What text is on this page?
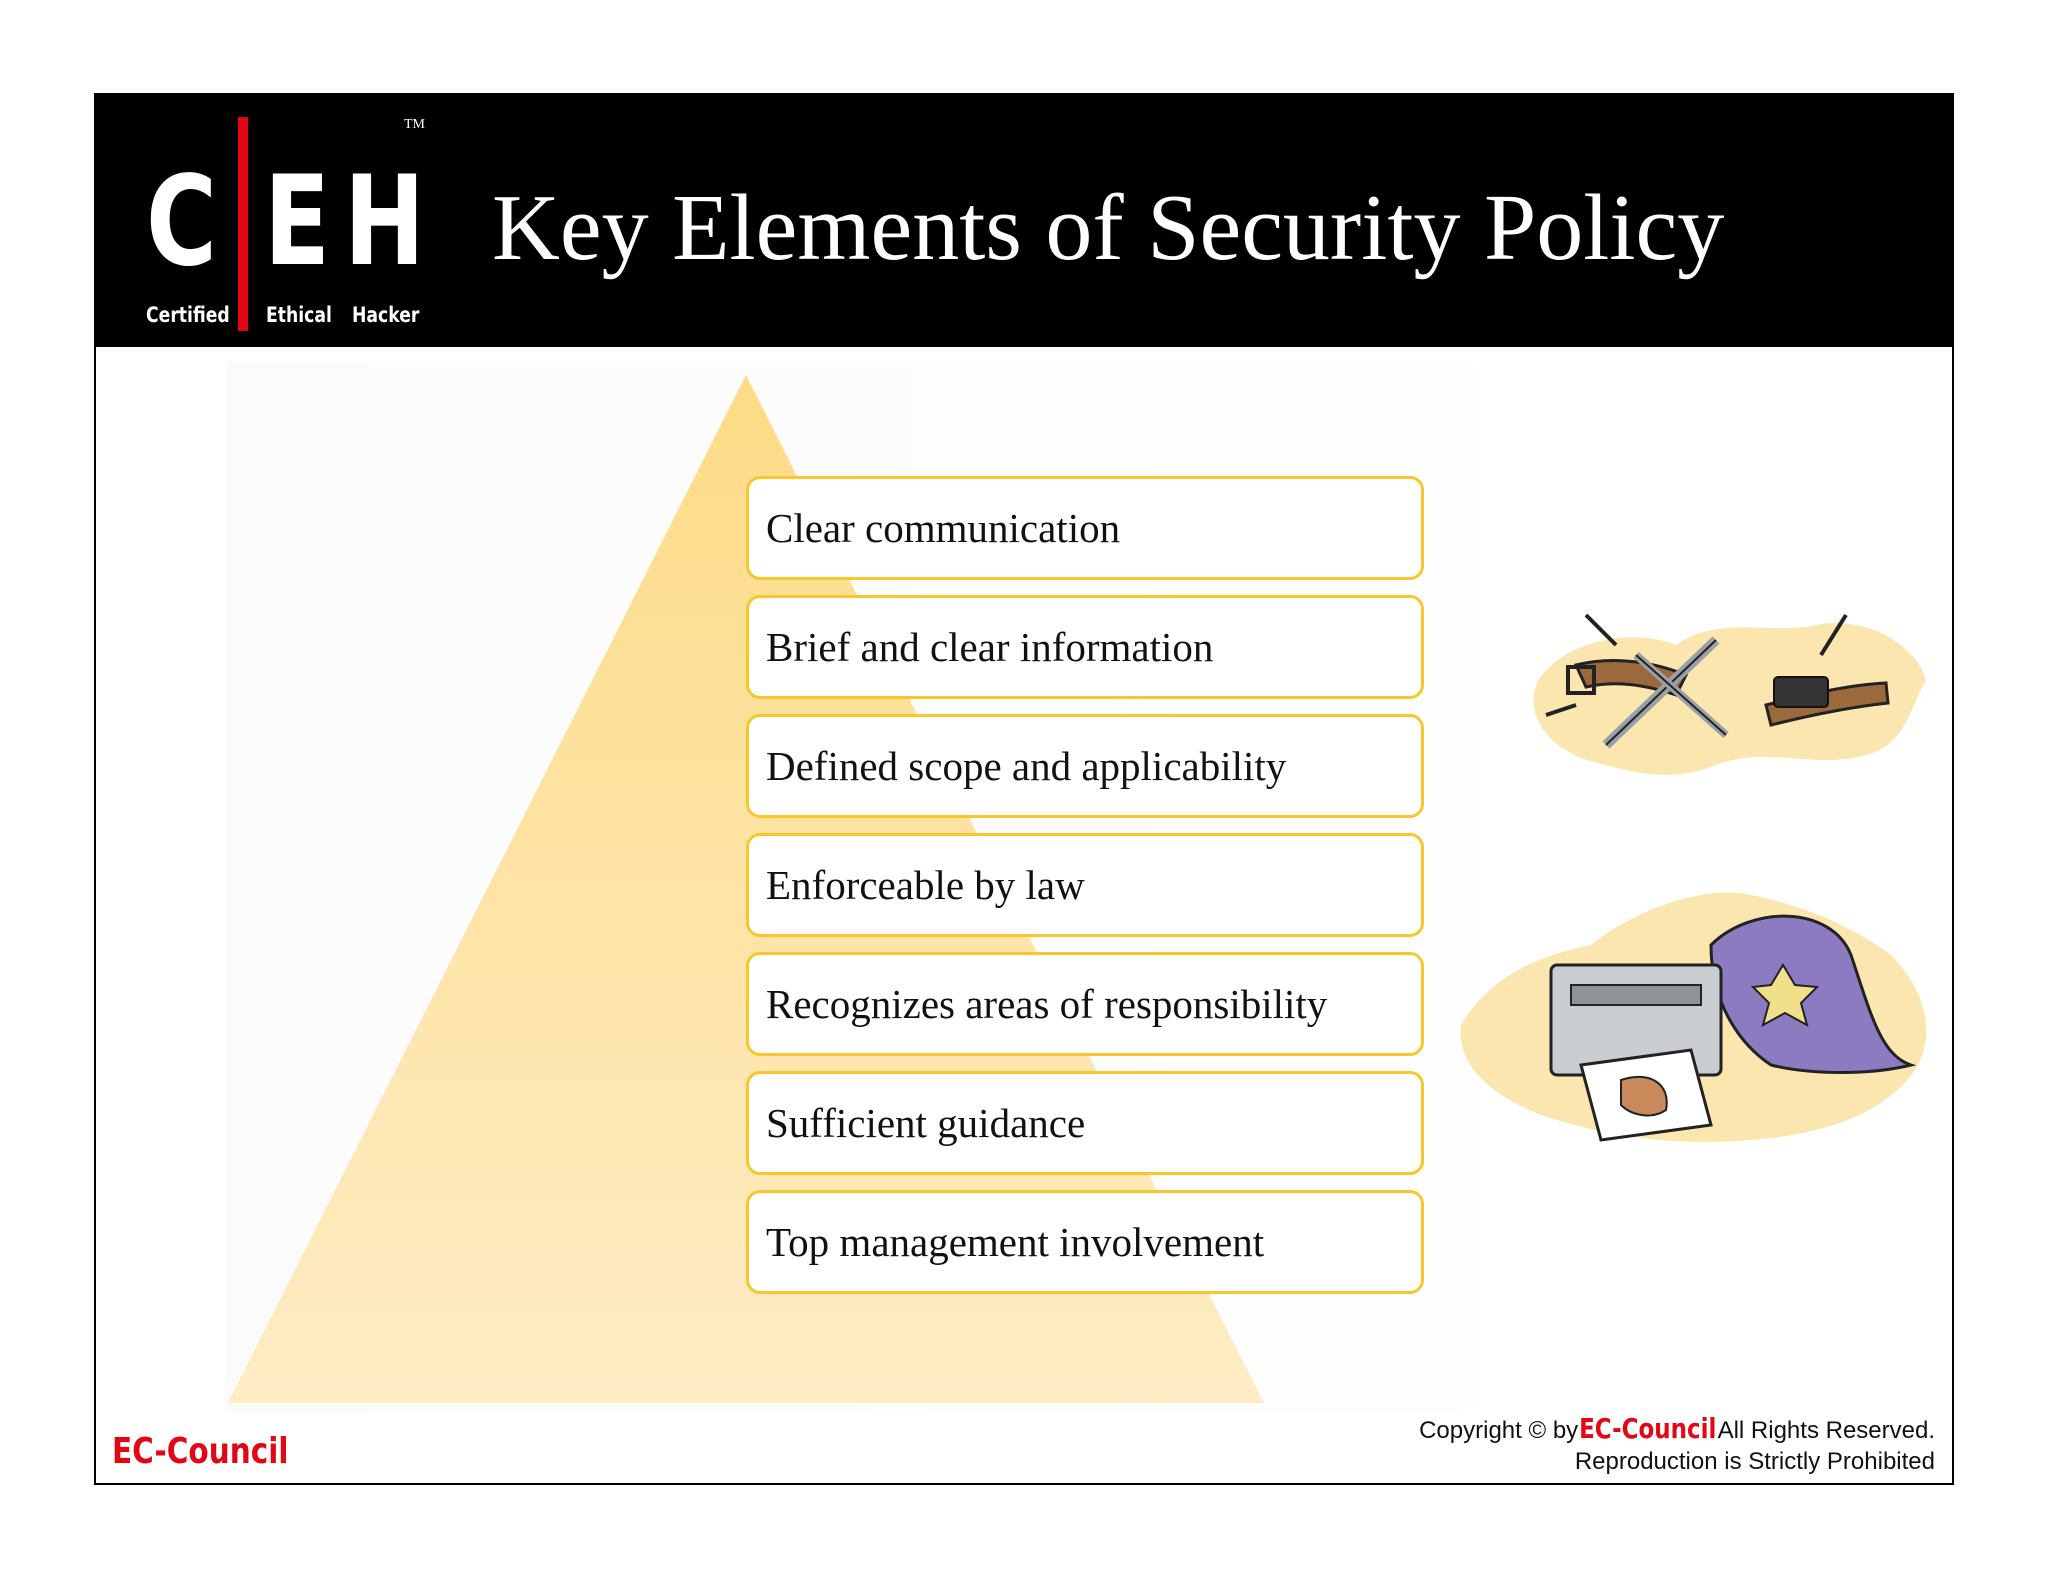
C E H
TM
Certified Ethical Hacker
Key Elements of Security Policy
Clear communication
Brief and clear information
Defined scope and applicability
Enforceable by law
Recognizes areas of responsibility
Sufficient guidance
Top management involvement
EC-Council
Copyright © byEC-CouncilAll Rights Reserved.
Reproduction is Strictly Prohibited
